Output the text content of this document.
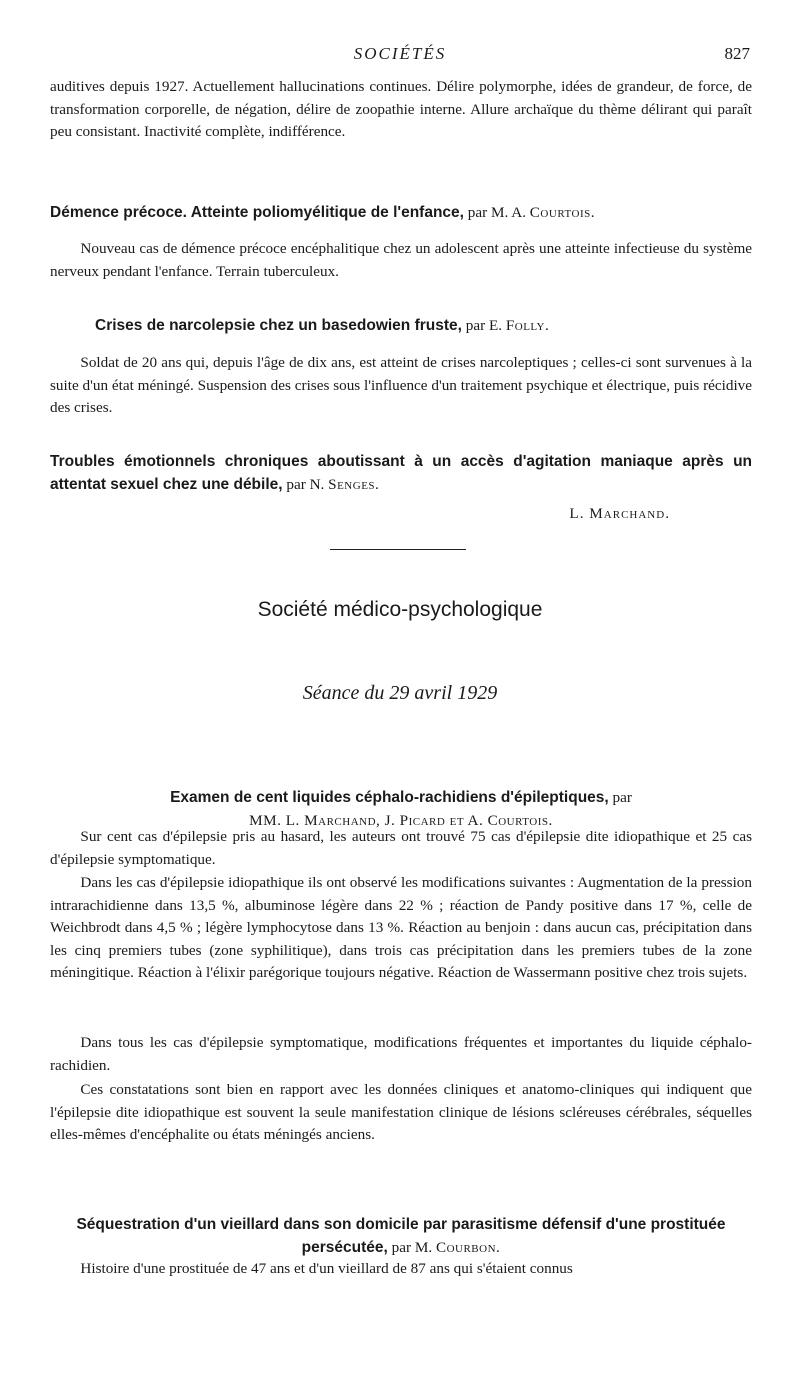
SOCIÉTÉS	827

auditives depuis 1927. Actuellement hallucinations continues. Délire polymorphe, idées de grandeur, de force, de transformation corporelle, de négation, délire de zoopathie interne. Allure archaïque du thème délirant qui paraît peu consistant. Inactivité complète, indifférence.

Démence précoce. Atteinte poliomyélitique de l'enfance, par M. A. Courtois.

Nouveau cas de démence précoce encéphalitique chez un adolescent après une atteinte infectieuse du système nerveux pendant l'enfance. Terrain tuberculeux.

Crises de narcolepsie chez un basedowien fruste, par E. Folly.

Soldat de 20 ans qui, depuis l'âge de dix ans, est atteint de crises narcoleptiques ; celles-ci sont survenues à la suite d'un état méningé. Suspension des crises sous l'influence d'un traitement psychique et électrique, puis récidive des crises.

Troubles émotionnels chroniques aboutissant à un accès d'agitation maniaque après un attentat sexuel chez une débile, par N. Senges.

L. Marchand.
Société médico-psychologique
Séance du 29 avril 1929

Examen de cent liquides céphalo-rachidiens d'épileptiques, par
MM. L. Marchand, J. Picard et A. Courtois.

Sur cent cas d'épilepsie pris au hasard, les auteurs ont trouvé 75 cas d'épilepsie dite idiopathique et 25 cas d'épilepsie symptomatique.

Dans les cas d'épilepsie idiopathique ils ont observé les modifications suivantes : Augmentation de la pression intrarachidienne dans 13,5 %, albuminose légère dans 22 % ; réaction de Pandy positive dans 17 %, celle de Weichbrodt dans 4,5 % ; légère lymphocytose dans 13 %. Réaction au benjoin : dans aucun cas, précipitation dans les cinq premiers tubes (zone syphilitique), dans trois cas précipitation dans les premiers tubes de la zone méningitique. Réaction à l'élixir parégorique toujours négative. Réaction de Wassermann positive chez trois sujets.

Dans tous les cas d'épilepsie symptomatique, modifications fréquentes et importantes du liquide céphalo-rachidien.

Ces constatations sont bien en rapport avec les données cliniques et anatomo-cliniques qui indiquent que l'épilepsie dite idiopathique est souvent la seule manifestation clinique de lésions scléreuses cérébrales, séquelles elles-mêmes d'encéphalite ou états méningés anciens.

Séquestration d'un vieillard dans son domicile par parasitisme défensif d'une prostituée persécutée, par M. Courbon.

Histoire d'une prostituée de 47 ans et d'un vieillard de 87 ans qui s'étaient connus
